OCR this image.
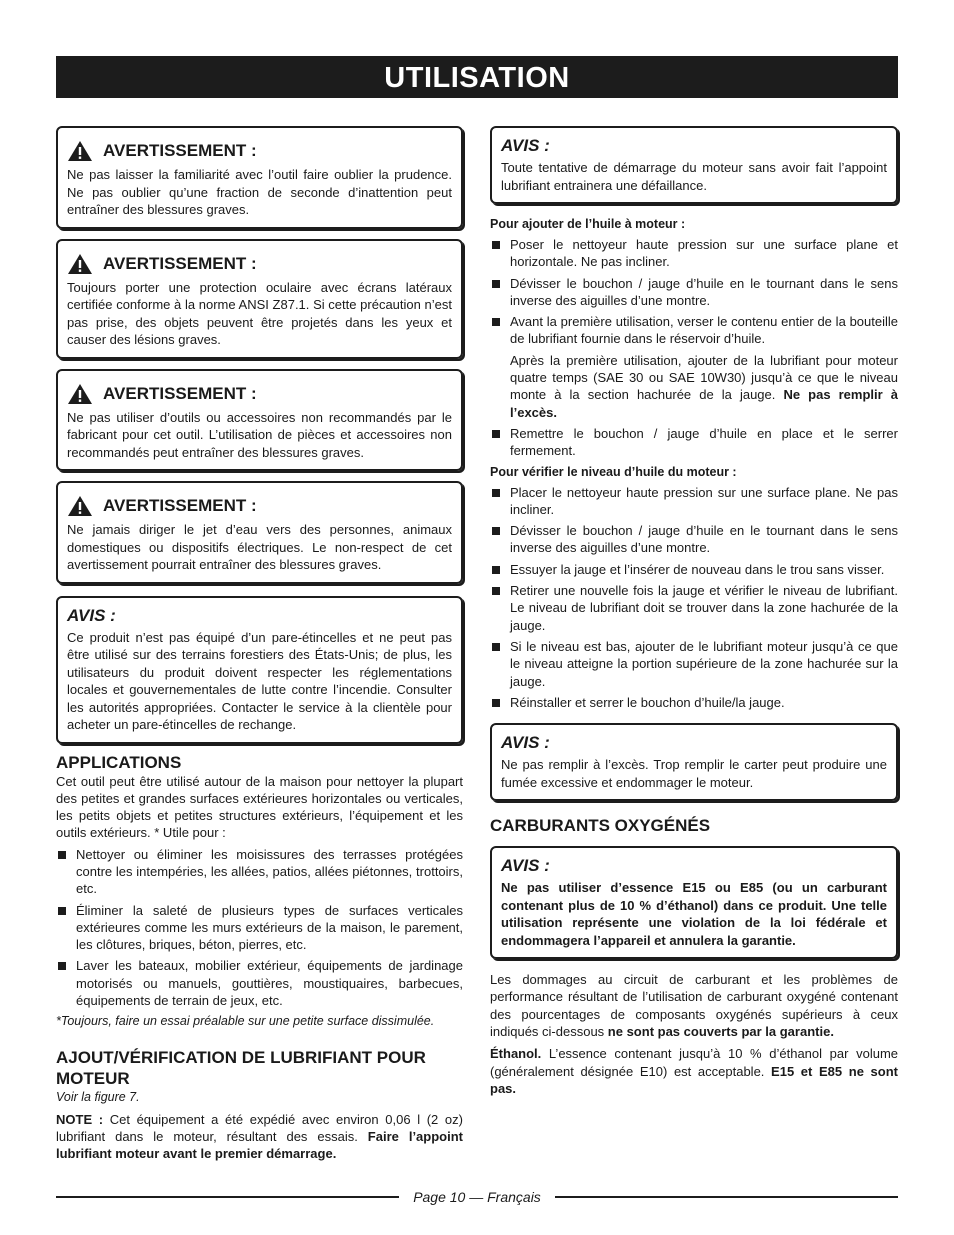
UTILISATION
AVERTISSEMENT :
Ne pas laisser la familiarité avec l’outil faire oublier la prudence. Ne pas oublier qu’une fraction de seconde d’inattention peut entraîner des blessures graves.
AVERTISSEMENT :
Toujours porter une protection oculaire avec écrans latéraux certifiée conforme à la norme ANSI Z87.1. Si cette précaution n’est pas prise, des objets peuvent être projetés dans les yeux et causer des lésions graves.
AVERTISSEMENT :
Ne pas utiliser d’outils ou accessoires non recommandés par le fabricant pour cet outil. L’utilisation de pièces et accessoires non recommandés peut entraîner des blessures graves.
AVERTISSEMENT :
Ne jamais diriger le jet d’eau vers des personnes, animaux domestiques ou dispositifs électriques. Le non-respect de cet avertissement pourrait entraîner des blessures graves.
AVIS :
Ce produit n’est pas équipé d’un pare-étincelles et ne peut pas être utilisé sur des terrains forestiers des États-Unis; de plus, les utilisateurs du produit doivent respecter les réglementations locales et gouvernementales de lutte contre l’incendie. Consulter les autorités appropriées. Contacter le service à la clientèle pour acheter un pare-étincelles de rechange.
APPLICATIONS

Cet outil peut être utilisé autour de la maison pour nettoyer la plupart des petites et grandes surfaces extérieures horizontales ou verticales, les petits objets et petites structures extérieurs, l’équipement et les outils extérieurs. * Utile pour :

Nettoyer ou éliminer les moisissures des terrasses protégées contre les intempéries, les allées, patios, allées piétonnes, trottoirs, etc.
Éliminer la saleté de plusieurs types de surfaces verticales extérieures comme les murs extérieurs de la maison, le parement, les clôtures, briques, béton, pierres, etc.
Laver les bateaux, mobilier extérieur, équipements de jardinage motorisés ou manuels, gouttières, moustiquaires, barbecues, équipements de terrain de jeux, etc.

*Toujours, faire un essai préalable sur une petite surface dissimulée.

AJOUT/VÉRIFICATION DE LUBRIFIANT POUR MOTEUR
Voir la figure 7.

NOTE : Cet équipement a été expédié avec environ 0,06 l (2 oz) lubrifiant dans le moteur, résultant des essais. Faire l’appoint lubrifiant moteur avant le premier démarrage.

AVIS :
Toute tentative de démarrage du moteur sans avoir fait l’appoint lubrifiant entrainera une défaillance.
Pour ajouter de l’huile à moteur :
Poser le nettoyeur haute pression sur une surface plane et horizontale. Ne pas incliner.
Dévisser le bouchon / jauge d’huile en le tournant dans le sens inverse des aiguilles d’une montre.
Avant la première utilisation, verser le contenu entier de la bouteille de lubrifiant fournie dans le réservoir d’huile.
Après la première utilisation, ajouter de la lubrifiant pour moteur quatre temps (SAE 30 ou SAE 10W30) jusqu’à ce que le niveau monte à la section hachurée de la jauge. Ne pas remplir à l’excès.
Remettre le bouchon / jauge d’huile en place et le serrer fermement.
Pour vérifier le niveau d’huile du moteur :
Placer le nettoyeur haute pression sur une surface plane. Ne pas incliner.
Dévisser le bouchon / jauge d’huile en le tournant dans le sens inverse des aiguilles d’une montre.
Essuyer la jauge et l’insérer de nouveau dans le trou sans visser.
Retirer une nouvelle fois la jauge et vérifier le niveau de lubrifiant. Le niveau de lubrifiant doit se trouver dans la zone hachurée de la jauge.
Si le niveau est bas, ajouter de le lubrifiant moteur jusqu’à ce que le niveau atteigne la portion supérieure de la zone hachurée sur la jauge.
Réinstaller et serrer le bouchon d’huile/la jauge.
AVIS :
Ne pas remplir à l’excès. Trop remplir le carter peut produire une fumée excessive et endommager le moteur.
CARBURANTS OXYGÉNÉS
AVIS :
Ne pas utiliser d’essence E15 ou E85 (ou un carburant contenant plus de 10 % d’éthanol) dans ce produit. Une telle utilisation représente une violation de la loi fédérale et endommagera l’appareil et annulera la garantie.

Les dommages au circuit de carburant et les problèmes de performance résultant de l’utilisation de carburant oxygéné contenant des pourcentages de composants oxygénés supérieurs à ceux indiqués ci-dessous ne sont pas couverts par la garantie.

Éthanol. L’essence contenant jusqu’à 10 % d’éthanol par volume (généralement désignée E10) est acceptable. E15 et E85 ne sont pas.

Page 10 — Français
